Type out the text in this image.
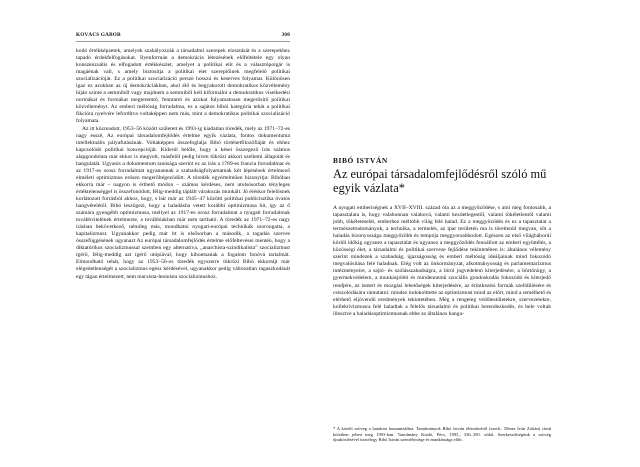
KOVÁCS GÁBOR	300

kodó értékképzetek, amelyek szabályozzák a társadalmi szerepek elosztását és a szerepekhez tapadó érdekfelfogásokat. Ilyenformán a demokrácia létezésének előfeltétele egy olyan konszenzuális és elfogadott értékkészlet, amelyet a politikai elit és a választópolgár is magáénak vall, s amely biztosítja a politikai elet szereplőinek megfelelő politikai szocializációját. Ez a politikai szocializáció persze hosszú és keserves folyamat. Különösen igaz ez azokban az új demokráciákban, ahol élő és begyakorolt demokratikus közvélemény híján szinte a semmiből vagy majdnem a semmiből kell kiformálni a demokratikus viselkedési normákat és formákat megteremtő, fenntartó és azokat folyamatosan megerősítő politikai közvéleményt. Az emberi méltóság forradalma, ez a sajátos bibói kategória tehát a politikai fikcióra nyelvére lefordítva voltaképpen nem más, mint a demokratikus politikai szocializáció folyamata.

Az itt közreadott, 1953–56 között született és 1993-ig kiadatlan töredék, mely az 1971–72-es nagy esszé, Az európai társadalomfejlődés értelme egyik vázlata, fontos dokumentuma intellektuális pályafutásának. Voltaképpen összefoglalja Bibó történetfilozófiáját és ehhez kapcsolódó politikai koncepcióját. Kiderül belőle, hogy a kései összegező írás számos alapgondolata már ekkor is megvolt, másfelől pedig híven tükrözi akkori szellemi állapotát és hangulatát. Ugyanis a dokumentum tanúsága szerint ez az írás a 1789-es francia forradalmat és az 1917-es orosz forradalmat ugyanannak a szabadságfolyamatnak két lépésének értelmező elméleti optimizmus erősen megerőltégezödött. A töredék egyértelműen bizonyítja: Bibóban ekkorra már – nagyon is érthető módon – számos kérdéses, nem utolsósorban tényleges értéktelenséggel is összefonódott, félig-meddig táplált várakozás munkált. Jó éréskor felelősnek korlátozott forrásból ahhoz, hogy, s bár már az 1945–47 közötti politikai publicisztika óvatos hangvételétől. Bibó leszögezi, hogy a haladásba vetett korábbi optimizmusa hit, így az ő számára gyengébb optimizmusa, mellyel az 1917-es orosz forradalmat a nyugati forradalmak továbbvitelének értelmezte, a továbbiakban már nem tartható. A töredék az 1971–72-es nagy írásban bekövetkező, némileg más, mondhatni nyugati-európai technikák szorongatta, a kapitalizmust. Ugyanakkor pedig már itt is elsősorban a második, a tagadás szerves összefüggésének ugyanazt Az európai társadalomfejlődés értelme előfeltevései mentén, hogy a diktatórikus szocializmussal szemben egy alternatíva, „anarchista-szindikalista” szocializmust ígérő, félig-meddig azt ígérő utópiával, hogy kibontsanak a fogalom fonóvá tartalmát. Elmondható tehát, hogy az 1953–56-os töredék egyszerre tükrözi Bibó ekkortájt már elégedetlenségét a szocializmus egész kérdésével, ugyanakkor pedig változatlan ragaszkodását egy tágan értelmezett, nem marxista-leninista szocializmushoz.

BIBÓ ISTVÁN
Az európai társadalomfejlődésről szóló mű egyik vázlata*

A nyugati emberiségnek a XVII–XVIII. század óta az a meggyőződése, s ami még fontosabb, a tapasztalata is, hogy valahonnan valahová, valami kezdetlegestől, valami tökéletlentől valami jobb, tökéletesebb, emberhez méltóbb világ felé halad. Ez a meggyőződés és ez a tapasztalat a természettudományok, a technika, a termelés, az ipar területén ma is töretlenül megvan, sőt a haladás bizonyossága meggyőzőbb és tempója meggyorsabbodott. Egészen az első világháborúi körüli időkig ugyanez a tapasztalat és ugyanez a meggyőződés fennállott az emberi együttélés, a közösségi élet, a társadalmi és politikai szerveze fejlődése tekintetében is: általános vélemény szerint mindezek a szabadság, igazságosság és emberi méltóság ideáljainak mind fokozódó megvalósítása felé haladnak. Elég volt az önkormányzat, alkotmányosság és parlamentarizmus intézményeire, a sajtó- és szólásszabadságra, a bírói jogvédelem kiterjedésére, a börtönügy, a gyermekvédelem, a munkásjóléti és mindennemű szociális gondoskodás fokozódó és kiterjedő rendjére, az ismert és mozgási lehetőségek kiterjedésére, az érintkezési formák szelídülésére és csiszolódására rámutatni: mindez indokolttette az optimizmust mind az előrt, mind a remélhető és elérhető eljövendő eredmények tekintetében. Még a rengeteg védőtestületekre, szervezetekre, kollektivizmusra felé haladtak a felelős társadalmi és politikai berendezkedés, és bele voltak illesztve a haladásoptimizmusnak ebbe az általános hangu-

* A közölt szöveg a hatalom humanizálása. Tanulmányok Bibó István életművéről (szerk.: Dénes Iván Zoltán) című kötetben jelent meg 1993-ban. Tanulmány Kiadó, Pécs, 1993., 336–350. oldal. Szerkesztőségünk a szöveg újraközlésével tisztelegy Bibó István személyisége és munkássága előtt.
